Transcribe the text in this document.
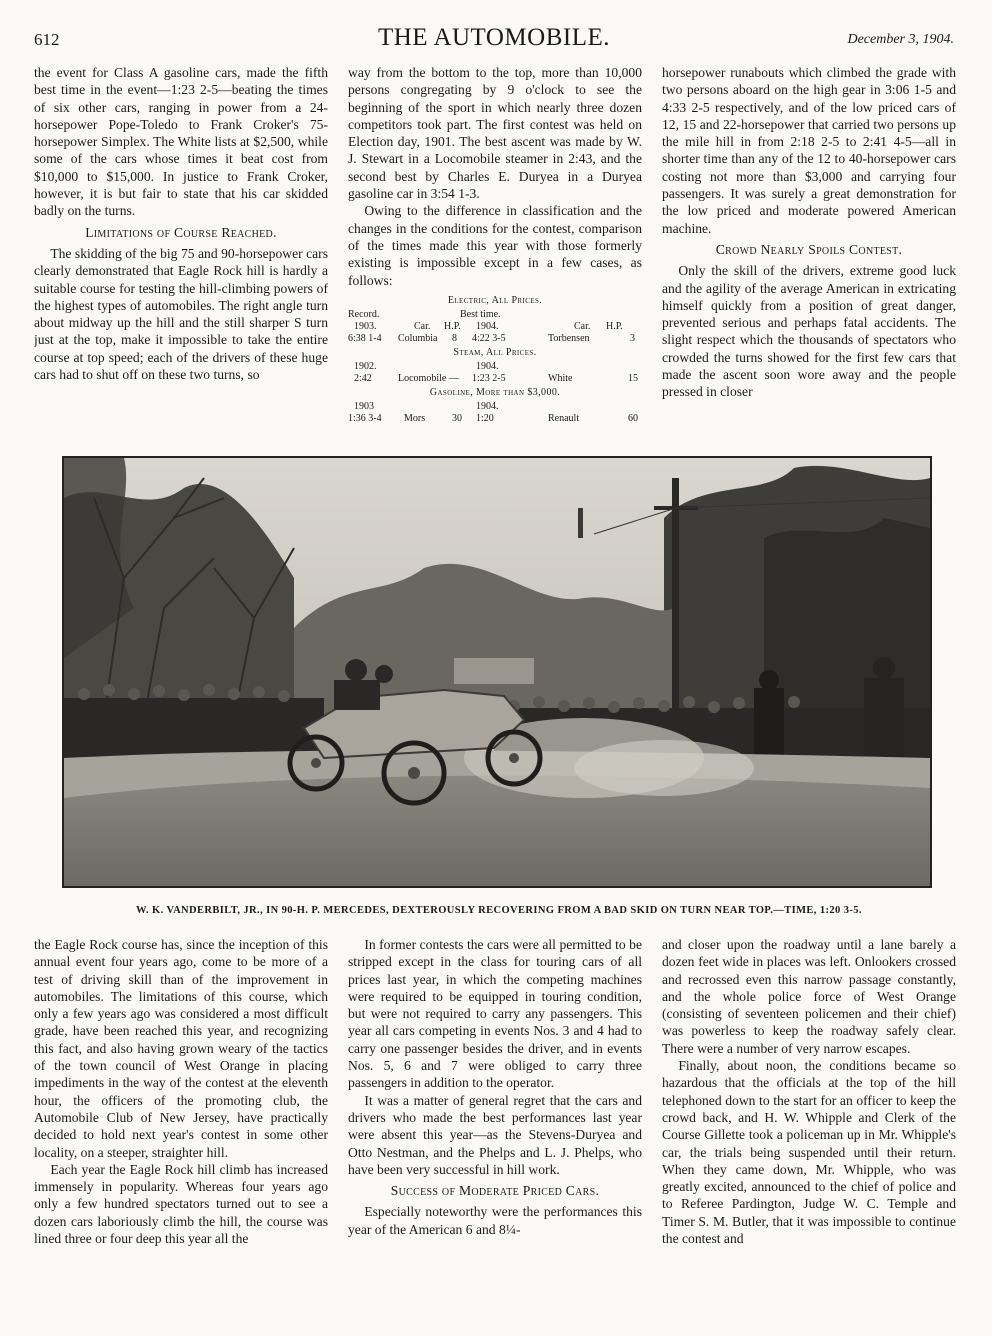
612	THE AUTOMOBILE.	December 3, 1904.

the event for Class A gasoline cars, made the fifth best time in the event—1:23 2-5—beating the times of six other cars, ranging in power from a 24-horsepower Pope-Toledo to Frank Croker's 75-horsepower Simplex. The White lists at $2,500, while some of the cars whose times it beat cost from $10,000 to $15,000. In justice to Frank Croker, however, it is but fair to state that his car skidded badly on the turns.

Limitations of Course Reached.

The skidding of the big 75 and 90-horsepower cars clearly demonstrated that Eagle Rock hill is hardly a suitable course for testing the hill-climbing powers of the highest types of automobiles. The right angle turn about midway up the hill and the still sharper S turn just at the top, make it impossible to take the entire course at top speed; each of the drivers of these huge cars had to shut off on these two turns, so

way from the bottom to the top, more than 10,000 persons congregating by 9 o'clock to see the beginning of the sport in which nearly three dozen competitors took part. The first contest was held on Election day, 1901. The best ascent was made by W. J. Stewart in a Locomobile steamer in 2:43, and the second best by Charles E. Duryea in a Duryea gasoline car in 3:54 1-3.

Owing to the difference in classification and the changes in the conditions for the contest, comparison of the times made this year with those formerly existing is impossible except in a few cases, as follows:

Electric, All Prices.
Record.	Best time.
1903.	Car. H.P. 1904.	Car. H.P.
6:38 1-4 Columbia 8 4:22 3-5	Torbensen	3
Steam, All Prices.
1902.	1904.
2:42	Locomobile — 1:23 2-5	White	15
Gasoline, More than $3,000.
1903	1904.
1:36 3-4 Mors	30 1:20	Renault	60

horsepower runabouts which climbed the grade with two persons aboard on the high gear in 3:06 1-5 and 4:33 2-5 respectively, and of the low priced cars of 12, 15 and 22-horsepower that carried two persons up the mile hill in from 2:18 2-5 to 2:41 4-5—all in shorter time than any of the 12 to 40-horsepower cars costing not more than $3,000 and carrying four passengers. It was surely a great demonstration for the low priced and moderate powered American machine.

Crowd Nearly Spoils Contest.

Only the skill of the drivers, extreme good luck and the agility of the average American in extricating himself quickly from a position of great danger, prevented serious and perhaps fatal accidents. The slight respect which the thousands of spectators who crowded the turns showed for the first few cars that made the ascent soon wore away and the people pressed in closer

W. K. VANDERBILT, JR., IN 90-H. P. MERCEDES, DEXTEROUSLY RECOVERING FROM A BAD SKID ON TURN NEAR TOP.—TIME, 1:20 3-5.

the Eagle Rock course has, since the inception of this annual event four years ago, come to be more of a test of driving skill than of the improvement in automobiles. The limitations of this course, which only a few years ago was considered a most difficult grade, have been reached this year, and recognizing this fact, and also having grown weary of the tactics of the town council of West Orange in placing impediments in the way of the contest at the eleventh hour, the officers of the promoting club, the Automobile Club of New Jersey, have practically decided to hold next year's contest in some other locality, on a steeper, straighter hill.

Each year the Eagle Rock hill climb has increased immensely in popularity. Whereas four years ago only a few hundred spectators turned out to see a dozen cars laboriously climb the hill, the course was lined three or four deep this year all the

In former contests the cars were all permitted to be stripped except in the class for touring cars of all prices last year, in which the competing machines were required to be equipped in touring condition, but were not required to carry any passengers. This year all cars competing in events Nos. 3 and 4 had to carry one passenger besides the driver, and in events Nos. 5, 6 and 7 were obliged to carry three passengers in addition to the operator.

It was a matter of general regret that the cars and drivers who made the best performances last year were absent this year—as the Stevens-Duryea and Otto Nestman, and the Phelps and L. J. Phelps, who have been very successful in hill work.

Success of Moderate Priced Cars.

Especially noteworthy were the performances this year of the American 6 and 8¼-

and closer upon the roadway until a lane barely a dozen feet wide in places was left. Onlookers crossed and recrossed even this narrow passage constantly, and the whole police force of West Orange (consisting of seventeen policemen and their chief) was powerless to keep the roadway safely clear. There were a number of very narrow escapes.

Finally, about noon, the conditions became so hazardous that the officials at the top of the hill telephoned down to the start for an officer to keep the crowd back, and H. W. Whipple and Clerk of the Course Gillette took a policeman up in Mr. Whipple's car, the trials being suspended until their return. When they came down, Mr. Whipple, who was greatly excited, announced to the chief of police and to Referee Pardington, Judge W. C. Temple and Timer S. M. Butler, that it was impossible to continue the contest and
